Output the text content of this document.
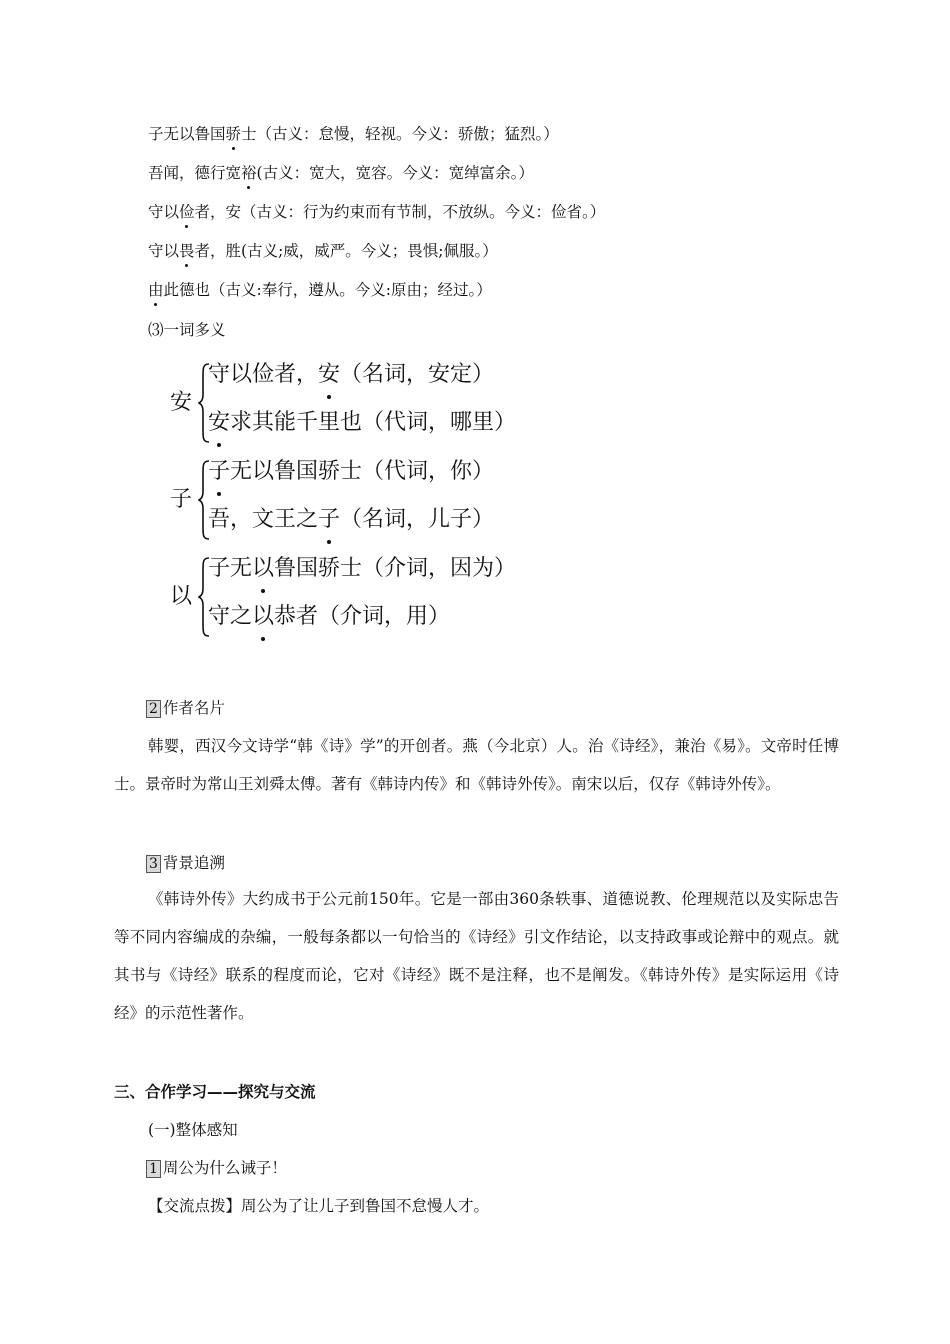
子无以鲁国骄士（古义：怠慢，轻视。今义：骄傲；猛烈。）
吾闻，德行宽裕(古义：宽大，宽容。今义：宽绰富余。）
守以俭者，安（古义：行为约束而有节制，不放纵。今义：俭省。）
守以畏者，胜(古义;威，威严。今义；畏惧;佩服。）
由此德也（古义:奉行，遵从。今义:原由；经过。）
⑶一词多义
安
守以俭者，安（名词，安定）
安求其能千里也（代词，哪里）
子
子无以鲁国骄士（代词，你）
吾，文王之子（名词，儿子）
以
子无以鲁国骄士（介词，因为）
守之以恭者（介词，用）
2 作者名片
韩婴，西汉今文诗学“韩《诗》学”的开创者。燕（今北京）人。治《诗经》，兼治《易》。文帝时任博士。景帝时为常山王刘舜太傅。著有《韩诗内传》和《韩诗外传》。南宋以后，仅存《韩诗外传》。
3 背景追溯
《韩诗外传》大约成书于公元前150年。它是一部由360条轶事、道德说教、伦理规范以及实际忠告等不同内容编成的杂编，一般每条都以一句恰当的《诗经》引文作结论，以支持政事或论辩中的观点。就其书与《诗经》联系的程度而论，它对《诗经》既不是注释，也不是阐发。《韩诗外传》是实际运用《诗经》的示范性著作。
三、合作学习——探究与交流
(一)整体感知
1 周公为什么诫子！
【交流点拨】周公为了让儿子到鲁国不怠慢人才。
